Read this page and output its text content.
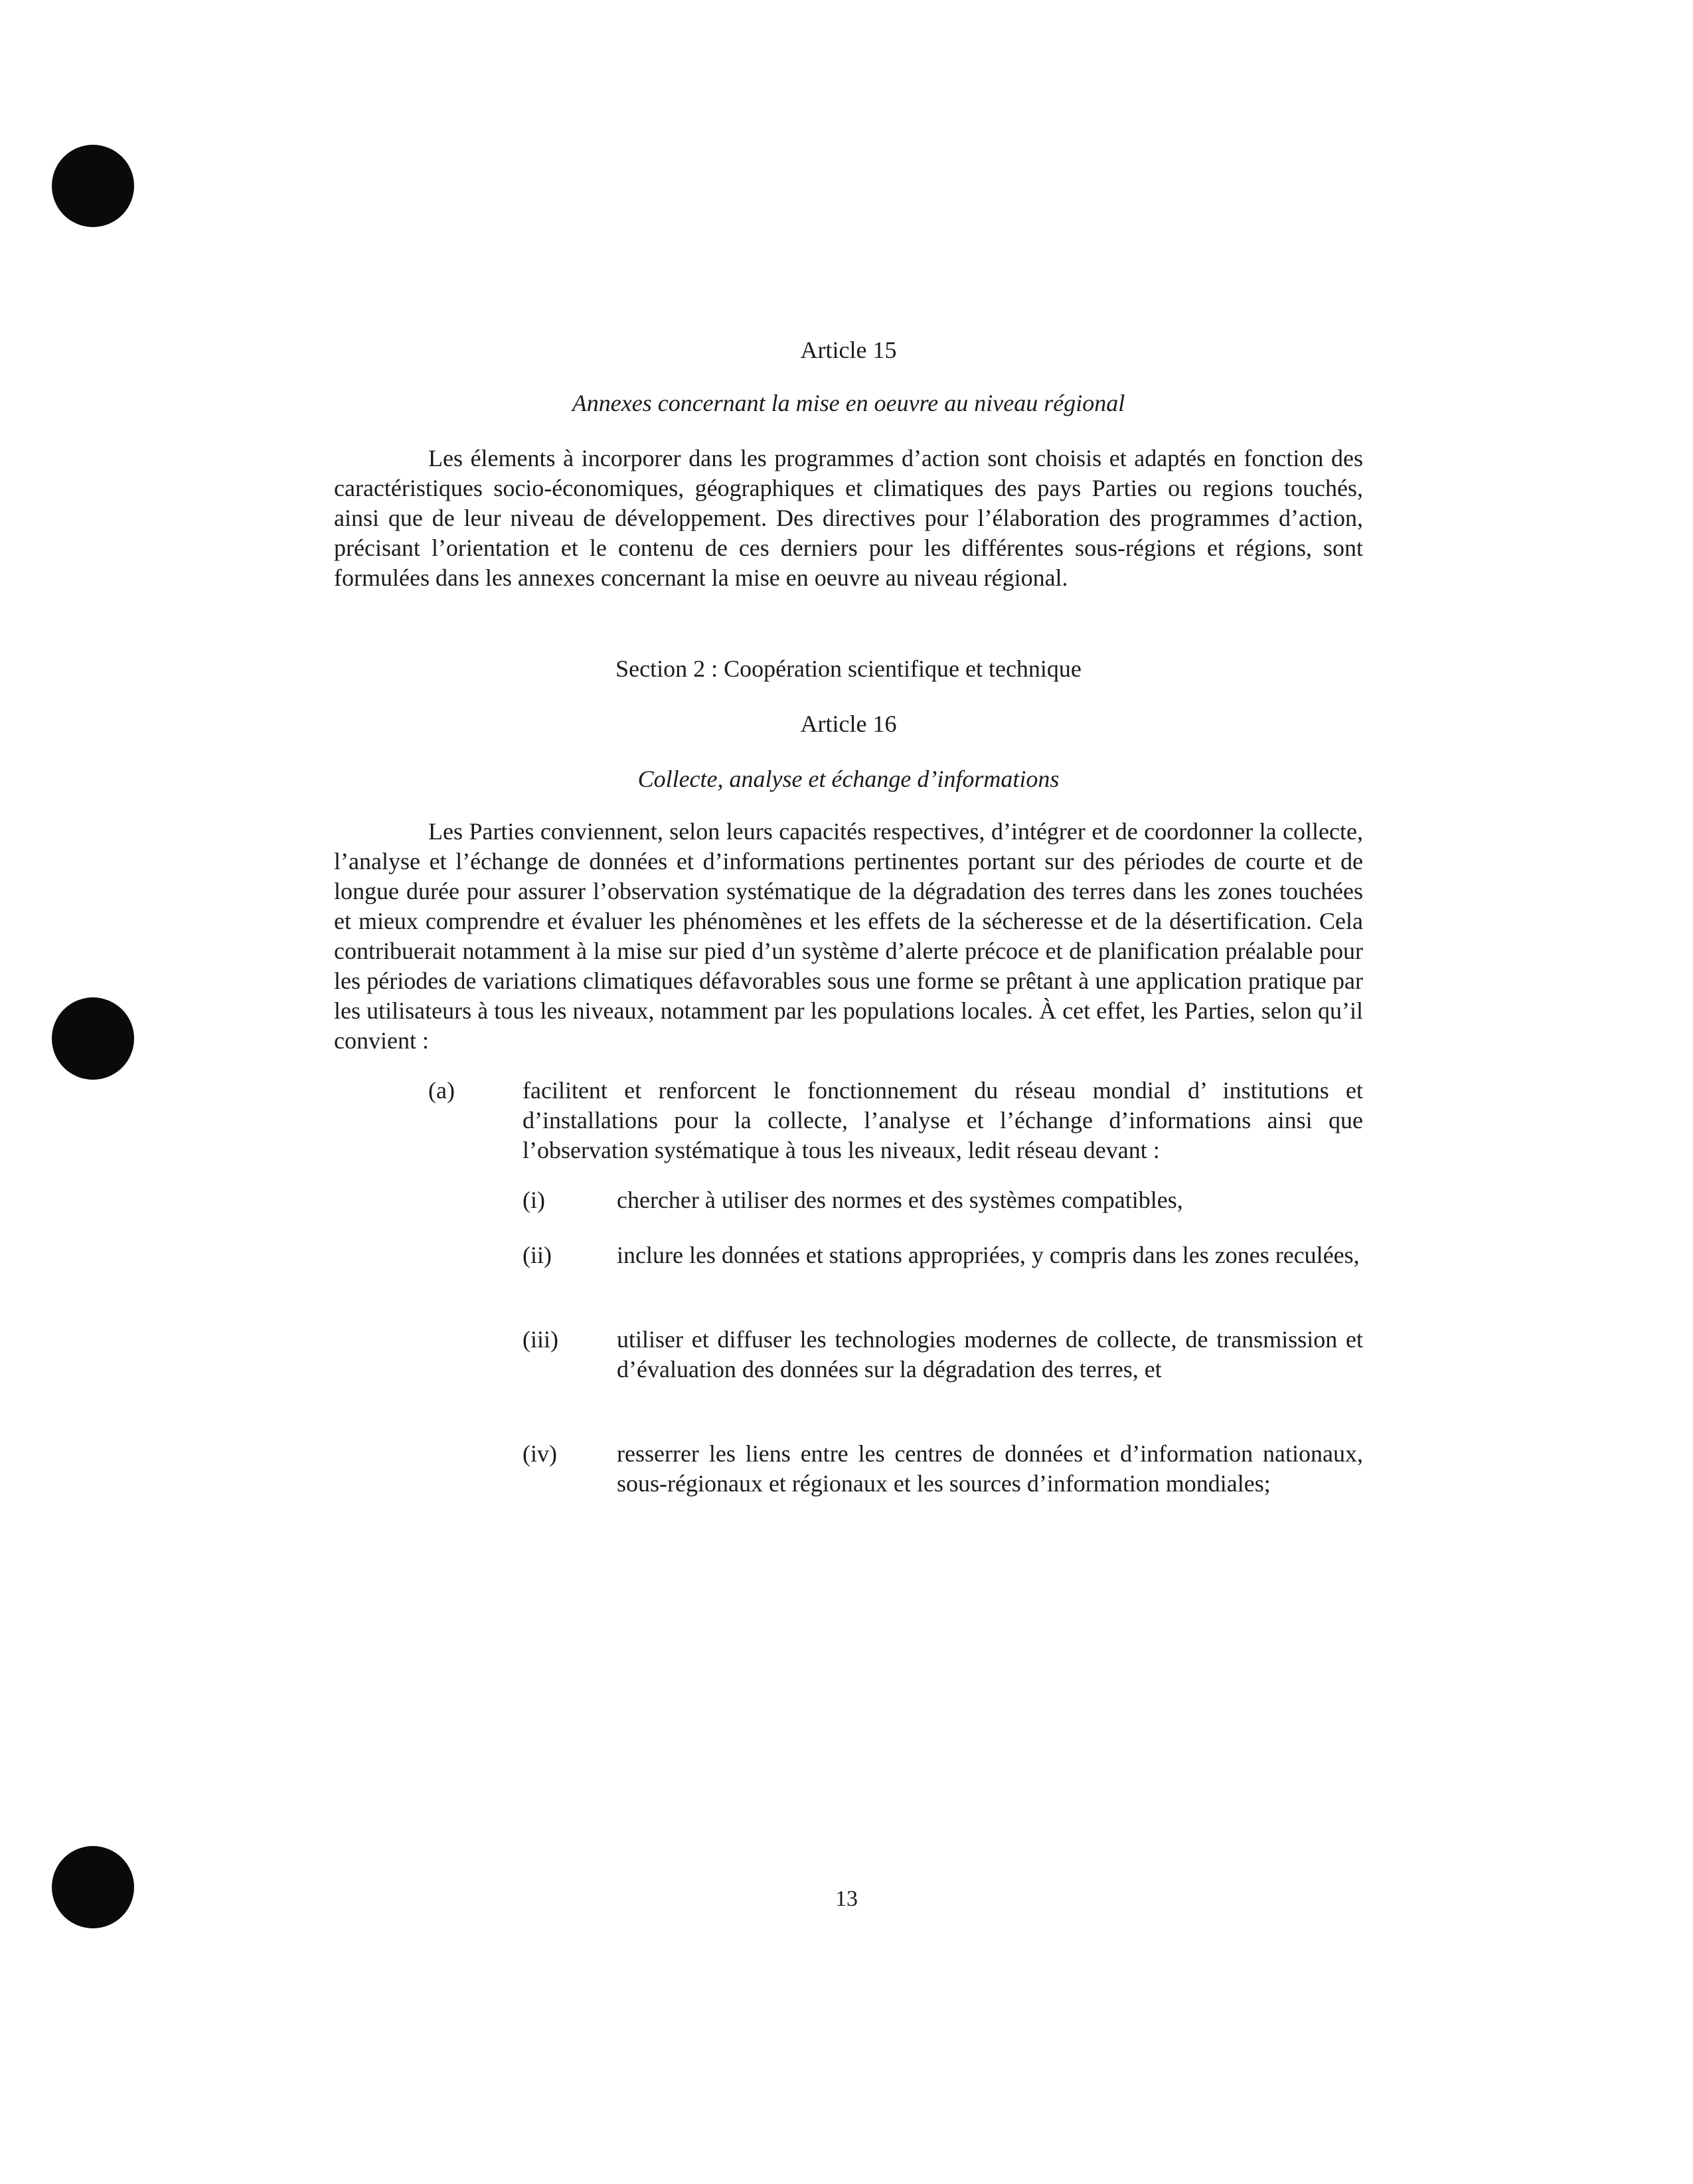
Article 15

Annexes concernant la mise en oeuvre au niveau régional

Les élements à incorporer dans les programmes d’action sont choisis et adaptés en fonction des caractéristiques socio-économiques, géographiques et climatiques des pays Parties ou regions touchés, ainsi que de leur niveau de développement. Des directives pour l’élaboration des programmes d’action, précisant l’orientation et le contenu de ces derniers pour les différentes sous-régions et régions, sont formulées dans les annexes concernant la mise en oeuvre au niveau régional.

Section 2 : Coopération scientifique et technique

Article 16

Collecte, analyse et échange d’informations

Les Parties conviennent, selon leurs capacités respectives, d’intégrer et de coordonner la collecte, l’analyse et l’échange de données et d’informations pertinentes portant sur des périodes de courte et de longue durée pour assurer l’observation systématique de la dégradation des terres dans les zones touchées et mieux comprendre et évaluer les phénomènes et les effets de la sécheresse et de la désertification. Cela contribuerait notamment à la mise sur pied d’un système d’alerte précoce et de planification préalable pour les périodes de variations climatiques défavorables sous une forme se prêtant à une application pratique par les utilisateurs à tous les niveaux, notamment par les populations locales. À cet effet, les Parties, selon qu’il convient :

(a)	facilitent et renforcent le fonctionnement du réseau mondial d’ institutions et d’installations pour la collecte, l’analyse et l’échange d’informations ainsi que l’observation systématique à tous les niveaux, ledit réseau devant :

(i)	chercher à utiliser des normes et des systèmes compatibles,

(ii)	inclure les données et stations appropriées, y compris dans les zones reculées,

(iii) utiliser et diffuser les technologies modernes de collecte, de transmission et d’évaluation des données sur la dégradation des terres, et

(iv)	resserrer les liens entre les centres de données et d’information nationaux, sous-régionaux et régionaux et les sources d’information mondiales;

13
